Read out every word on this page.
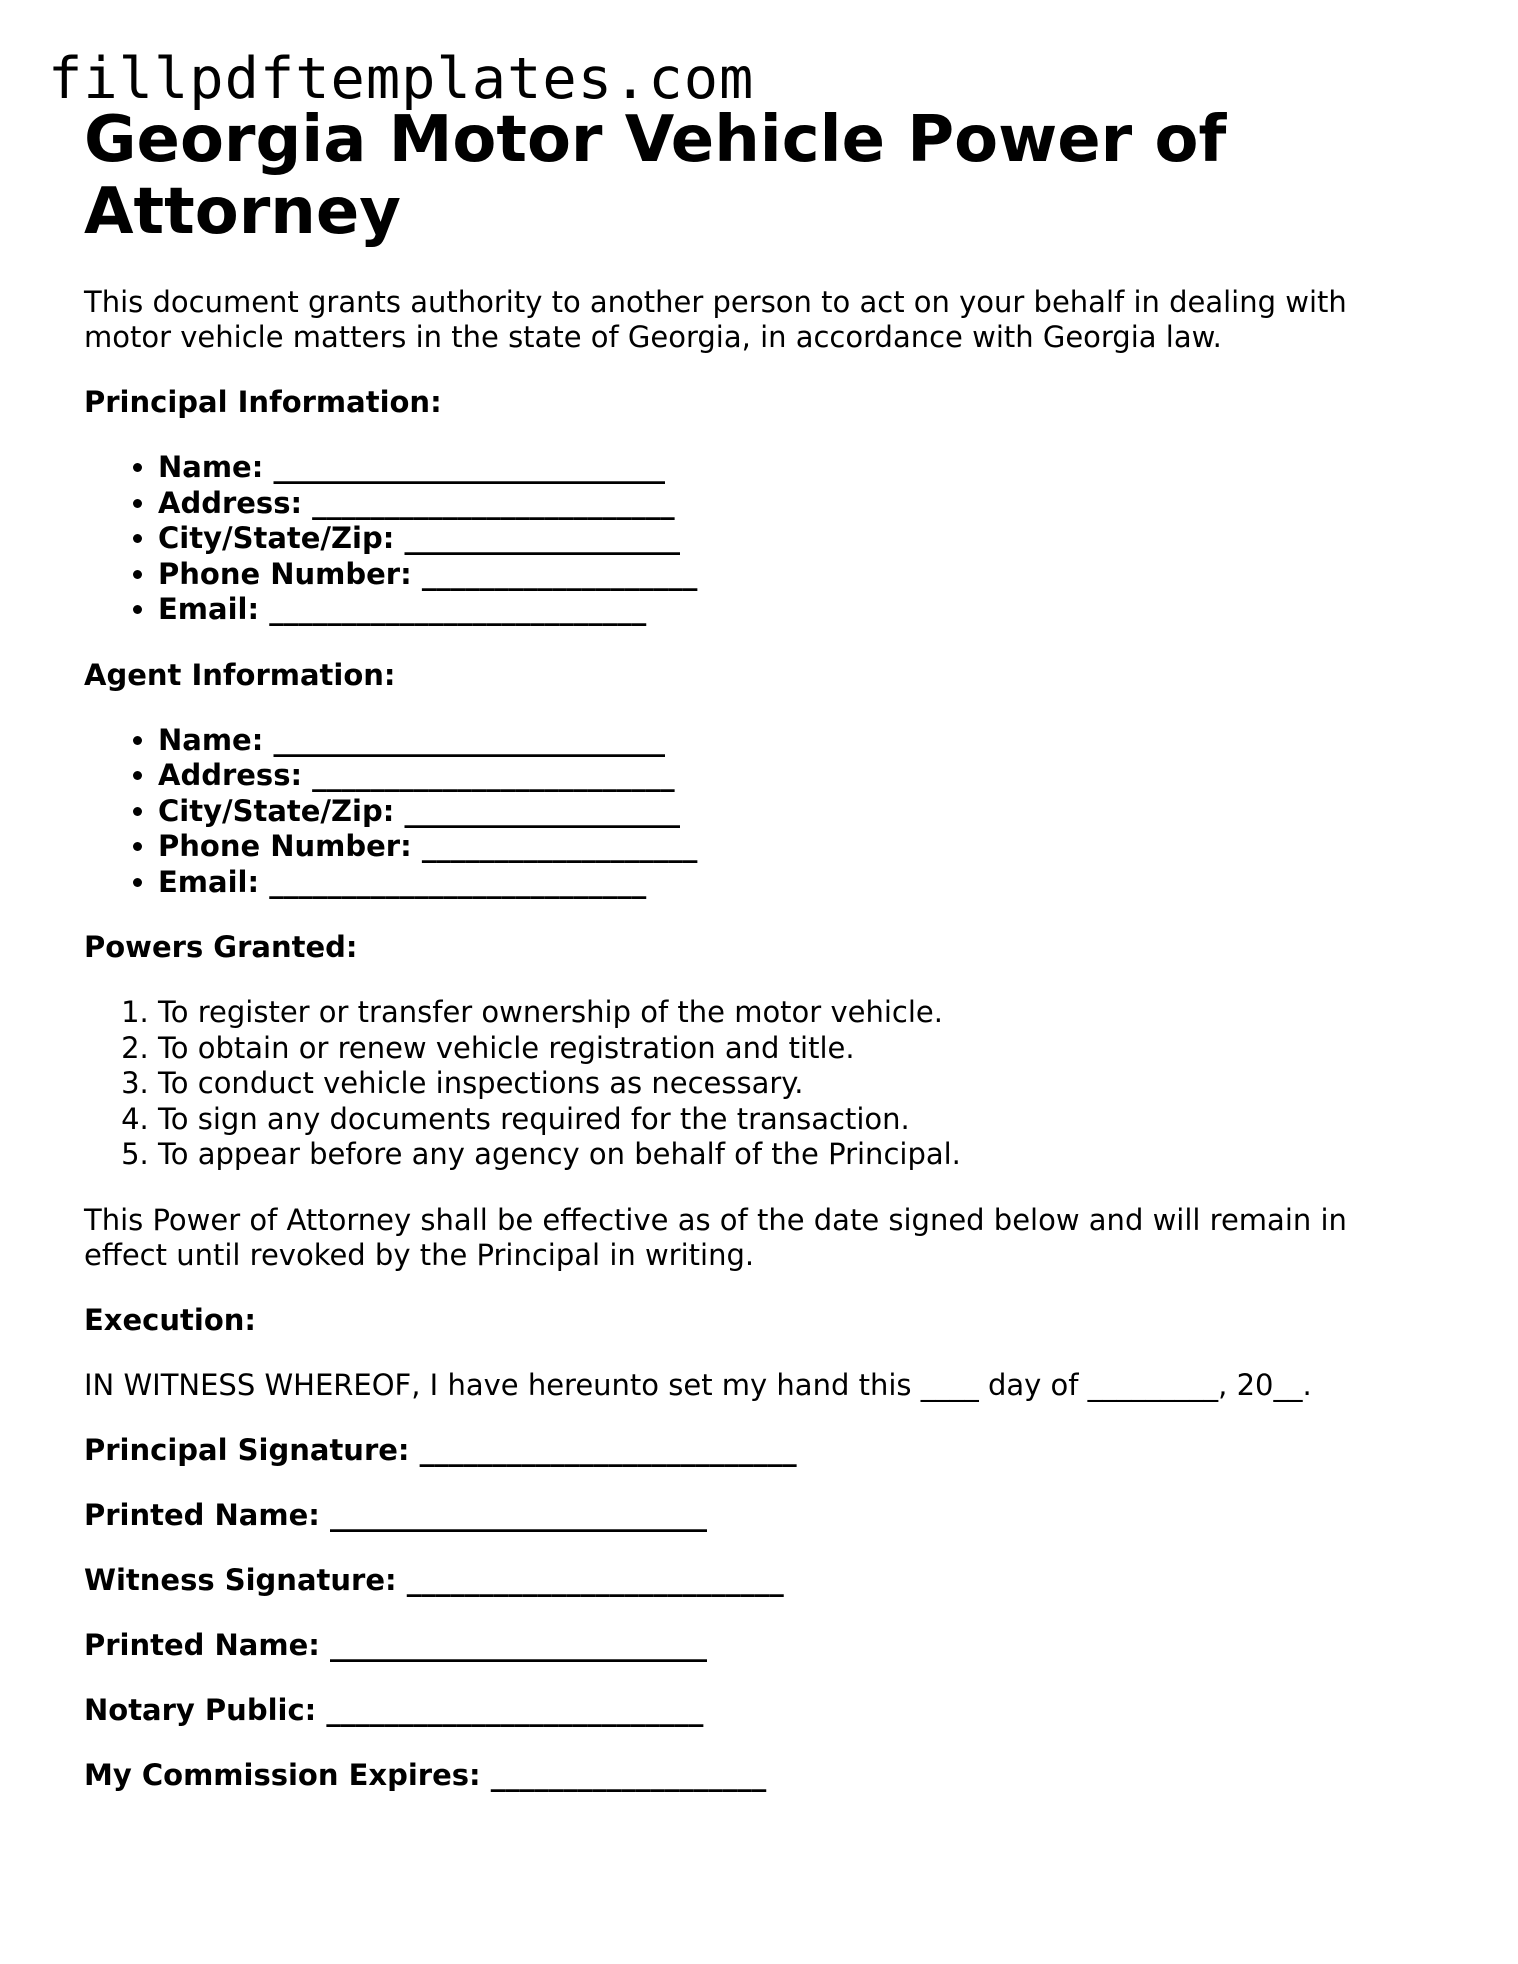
fillpdftemplates.com
Georgia Motor Vehicle Power of Attorney

This document grants authority to another person to act on your behalf in dealing with motor vehicle matters in the state of Georgia, in accordance with Georgia law.

Principal Information:

• Name: ___________________________
• Address: _________________________
• City/State/Zip: ___________________
• Phone Number: ___________________
• Email: __________________________

Agent Information:

• Name: ___________________________
• Address: _________________________
• City/State/Zip: ___________________
• Phone Number: ___________________
• Email: __________________________

Powers Granted:

1. To register or transfer ownership of the motor vehicle.
2. To obtain or renew vehicle registration and title.
3. To conduct vehicle inspections as necessary.
4. To sign any documents required for the transaction.
5. To appear before any agency on behalf of the Principal.

This Power of Attorney shall be effective as of the date signed below and will remain in effect until revoked by the Principal in writing.

Execution:

IN WITNESS WHEREOF, I have hereunto set my hand this ____ day of _________, 20__.

Principal Signature: __________________________

Printed Name: __________________________

Witness Signature: __________________________

Printed Name: __________________________

Notary Public: __________________________

My Commission Expires: ___________________
